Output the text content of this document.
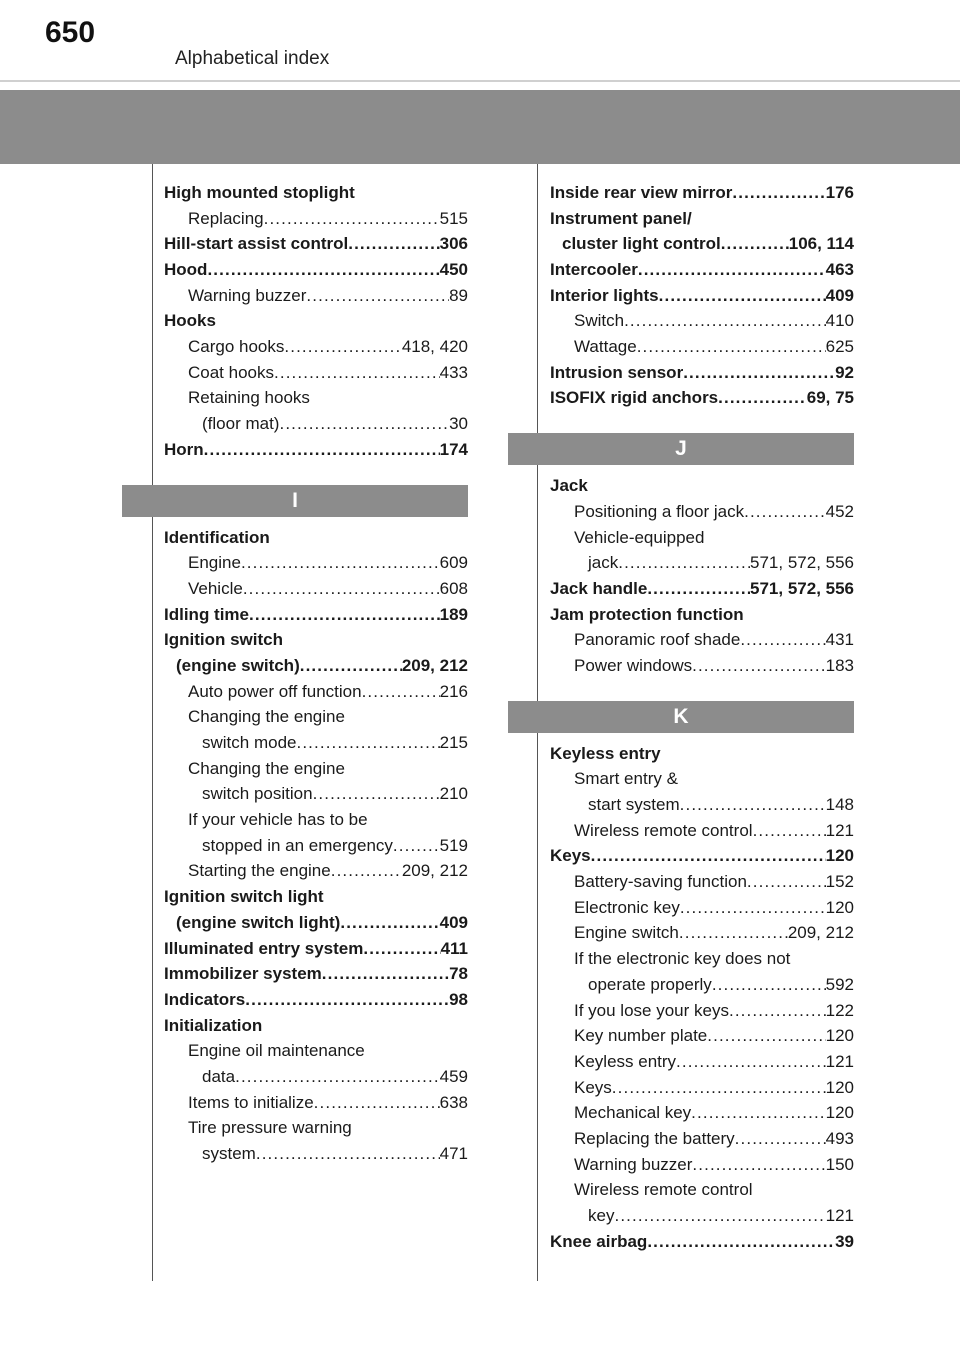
650
Alphabetical index
High mounted stoplight
Replacing . . .	515
Hill-start assist control . . .	306
Hood . . .	450
Warning buzzer . . .	89
Hooks
Cargo hooks . . .	418, 420
Coat hooks . . .	433
Retaining hooks
(floor mat) . . .	30
Horn . . .	174
I
Identification
Engine . . .	609
Vehicle . . .	608
Idling time . . .	189
Ignition switch
(engine switch) . . .	209, 212
Auto power off function . . .	216
Changing the engine
switch mode . . .	215
Changing the engine
switch position . . .	210
If your vehicle has to be
stopped in an emergency . . .	519
Starting the engine . . .	209, 212
Ignition switch light
(engine switch light) . . .	409
Illuminated entry system . . .	411
Immobilizer system . . .	78
Indicators . . .	98
Initialization
Engine oil maintenance
data . . .	459
Items to initialize . . .	638
Tire pressure warning
system . . .	471
Inside rear view mirror . . .	176
Instrument panel/
cluster light control . . .	106, 114
Intercooler . . .	463
Interior lights . . .	409
Switch . . .	410
Wattage . . .	625
Intrusion sensor . . .	92
ISOFIX rigid anchors . . .	69, 75
J
Jack
Positioning a floor jack . . .	452
Vehicle-equipped
jack . . .	571, 572, 556
Jack handle . . .	571, 572, 556
Jam protection function
Panoramic roof shade . . .	431
Power windows . . .	183
K
Keyless entry
Smart entry &
start system . . .	148
Wireless remote control . . .	121
Keys . . .	120
Battery-saving function . . .	152
Electronic key . . .	120
Engine switch . . .	209, 212
If the electronic key does not
operate properly . . .	592
If you lose your keys . . .	122
Key number plate . . .	120
Keyless entry . . .	121
Keys . . .	120
Mechanical key . . .	120
Replacing the battery . . .	493
Warning buzzer . . .	150
Wireless remote control
key . . .	121
Knee airbag . . .	39
